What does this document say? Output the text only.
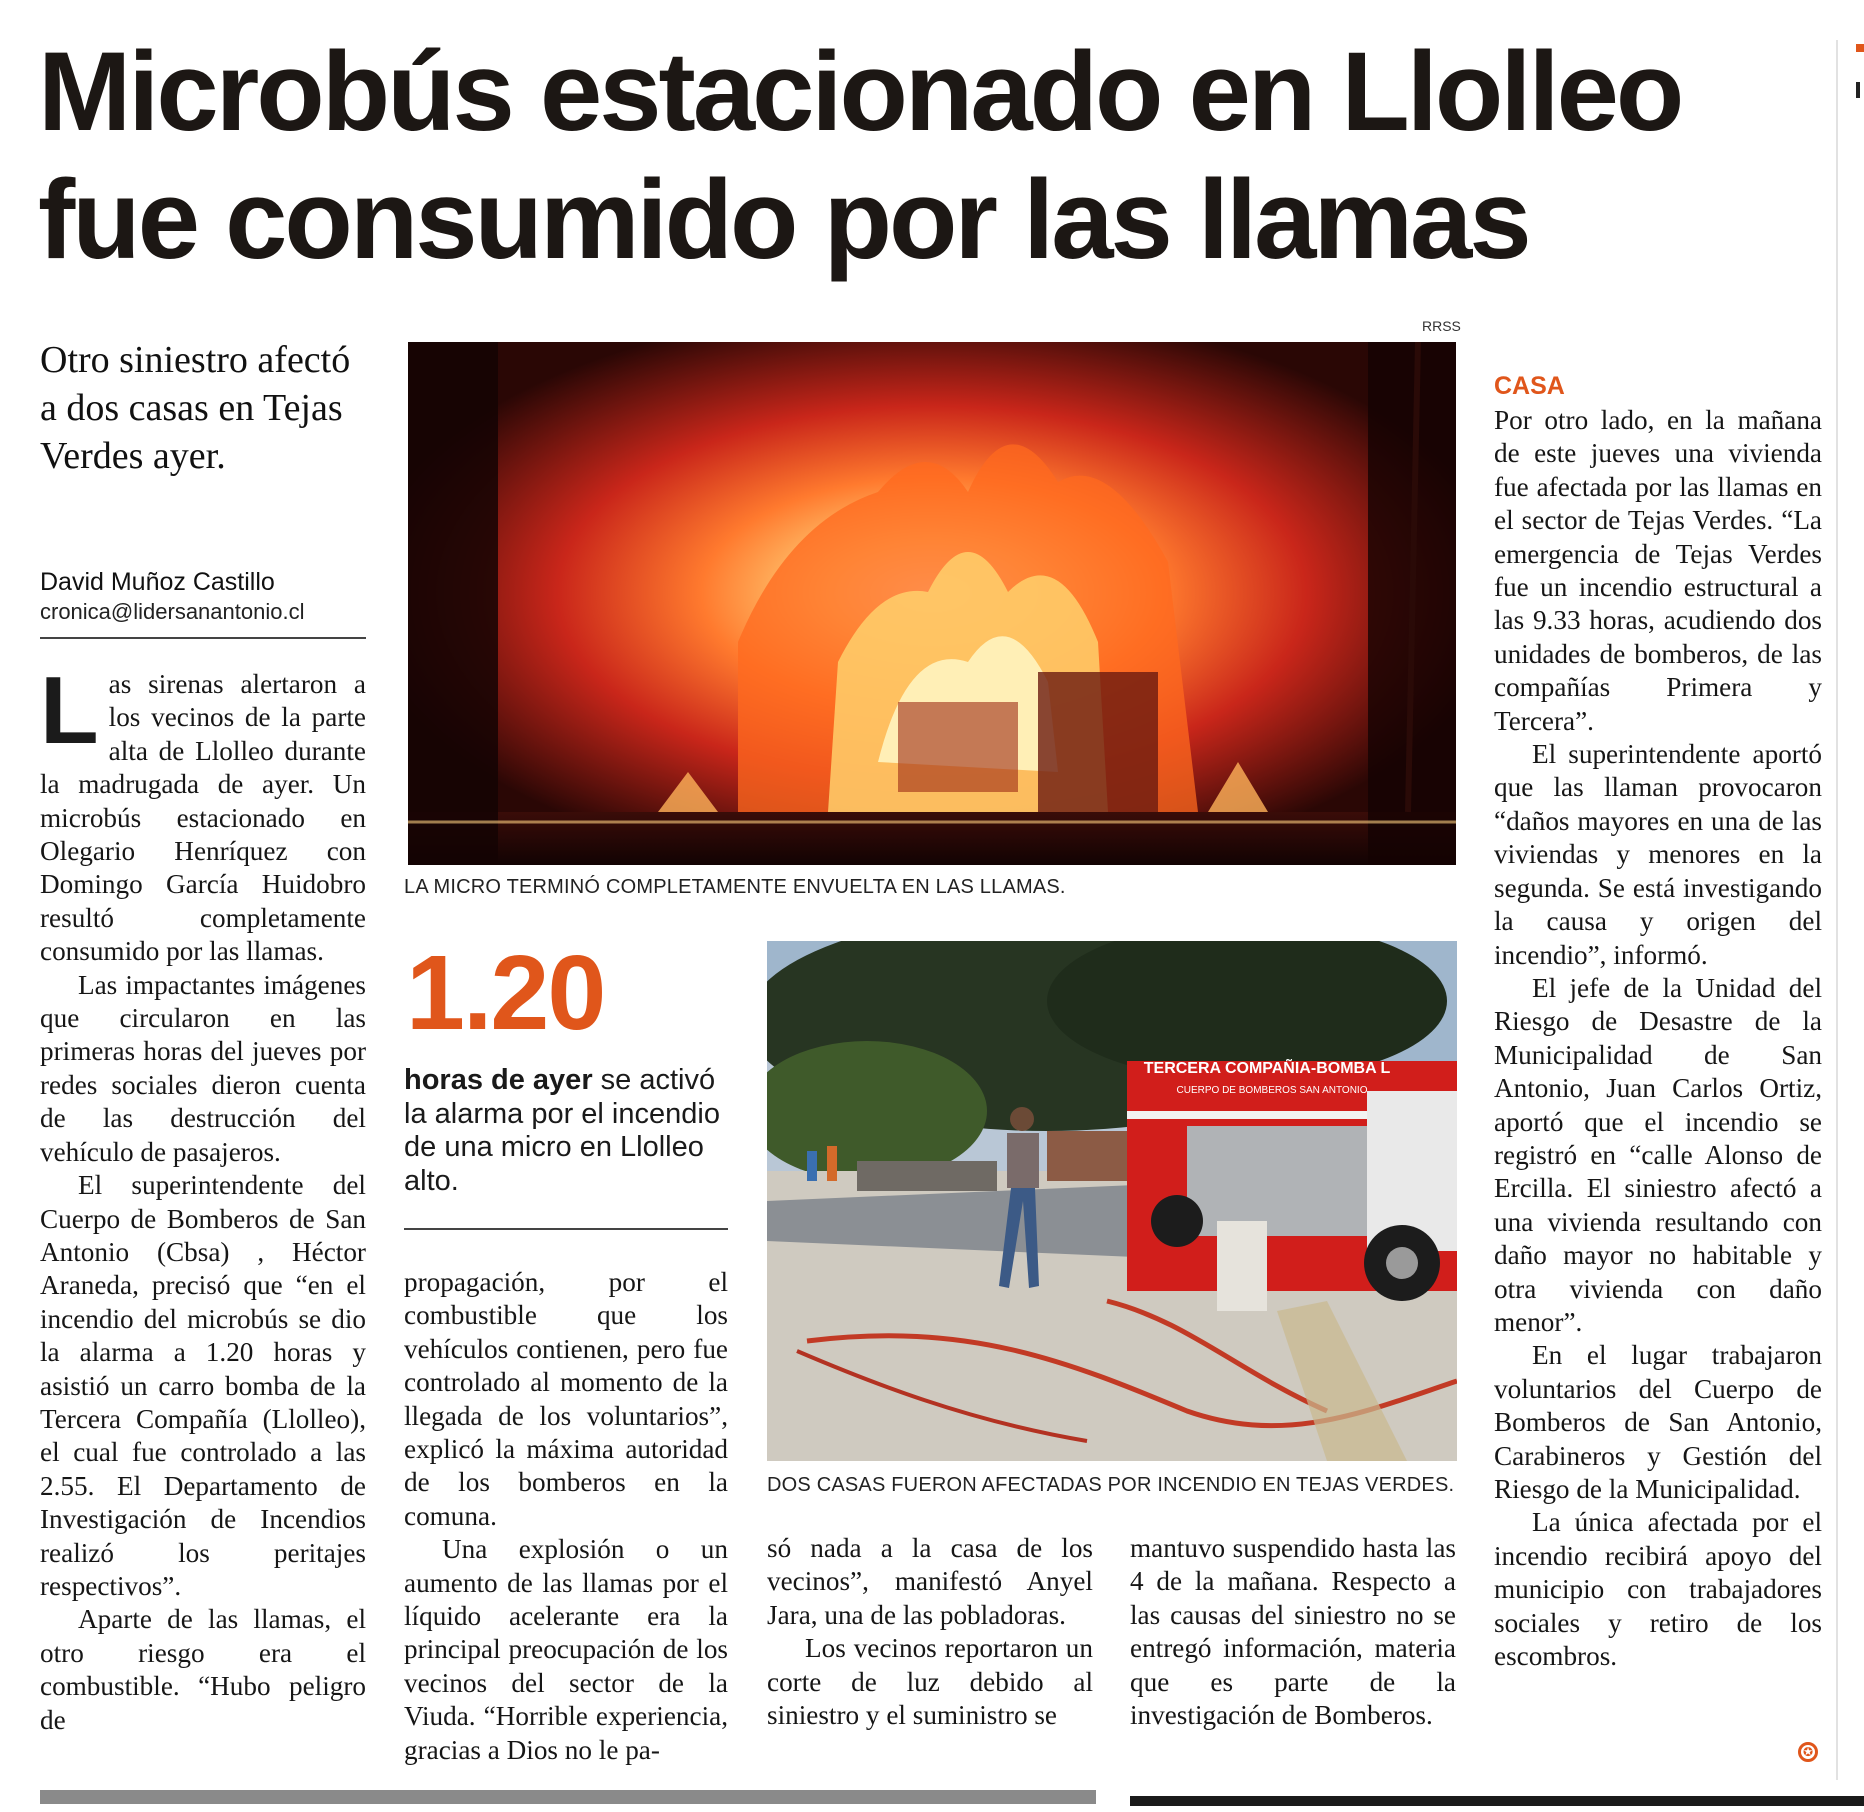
Microbús estacionado en Llolleo
fue consumido por las llamas
Otro siniestro afectó a dos casas en Tejas Verdes ayer.
David Muñoz Castillo
cronica@lidersanantonio.cl
RRSS
LA MICRO TERMINÓ COMPLETAMENTE ENVUELTA EN LAS LLAMAS.
1.20
horas de ayer se activó la alarma por el incendio de una micro en Llolleo alto.
TERCERA COMPAÑIA-BOMBA L
CUERPO DE BOMBEROS SAN ANTONIO
DOS CASAS FUERON AFECTADAS POR INCENDIO EN TEJAS VERDES.

Las sirenas alertaron a los vecinos de la parte alta de Llolleo durante la madrugada de ayer. Un microbús estacionado en Olegario Henríquez con Domingo García Huidobro resultó completamente consumido por las llamas.

Las impactantes imágenes que circularon en las primeras horas del jueves por redes sociales dieron cuenta de las destrucción del vehículo de pasajeros.

El superintendente del Cuerpo de Bomberos de San Antonio (Cbsa) , Héctor Araneda, precisó que “en el incendio del microbús se dio la alarma a 1.20 horas y asistió un carro bomba de la Tercera Compañía (Llolleo), el cual fue controlado a las 2.55. El Departamento de Investigación de Incendios realizó los peritajes respectivos”.

Aparte de las llamas, el otro riesgo era el combustible. “Hubo peligro de

propagación, por el combustible que los vehículos contienen, pero fue controlado al momento de la llegada de los voluntarios”, explicó la máxima autoridad de los bomberos en la comuna.

Una explosión o un aumento de las llamas por el líquido acelerante era la principal preocupación de los vecinos del sector de la Viuda. “Horrible experiencia, gracias a Dios no le pa-

só nada a la casa de los vecinos”, manifestó Anyel Jara, una de las pobladoras.

Los vecinos reportaron un corte de luz debido al siniestro y el suministro se

mantuvo suspendido hasta las 4 de la mañana. Respecto a las causas del siniestro no se entregó información, materia que es parte de la investigación de Bomberos.

CASA

Por otro lado, en la mañana de este jueves una vivienda fue afectada por las llamas en el sector de Tejas Verdes. “La emergencia de Tejas Verdes fue un incendio estructural a las 9.33 horas, acudiendo dos unidades de bomberos, de las compañías Primera y Tercera”.

El superintendente aportó que las llaman provocaron “daños mayores en una de las viviendas y menores en la segunda. Se está investigando la causa y origen del incendio”, informó.

El jefe de la Unidad del Riesgo de Desastre de la Municipalidad de San Antonio, Juan Carlos Ortiz, aportó que el incendio se registró en “calle Alonso de Ercilla. El siniestro afectó a una vivienda resultando con daño mayor no habitable y otra vivienda con daño menor”.

En el lugar trabajaron voluntarios del Cuerpo de Bomberos de San Antonio, Carabineros y Gestión del Riesgo de la Municipalidad.

La única afectada por el incendio recibirá apoyo del municipio con trabajadores sociales y retiro de los escombros.

✪
